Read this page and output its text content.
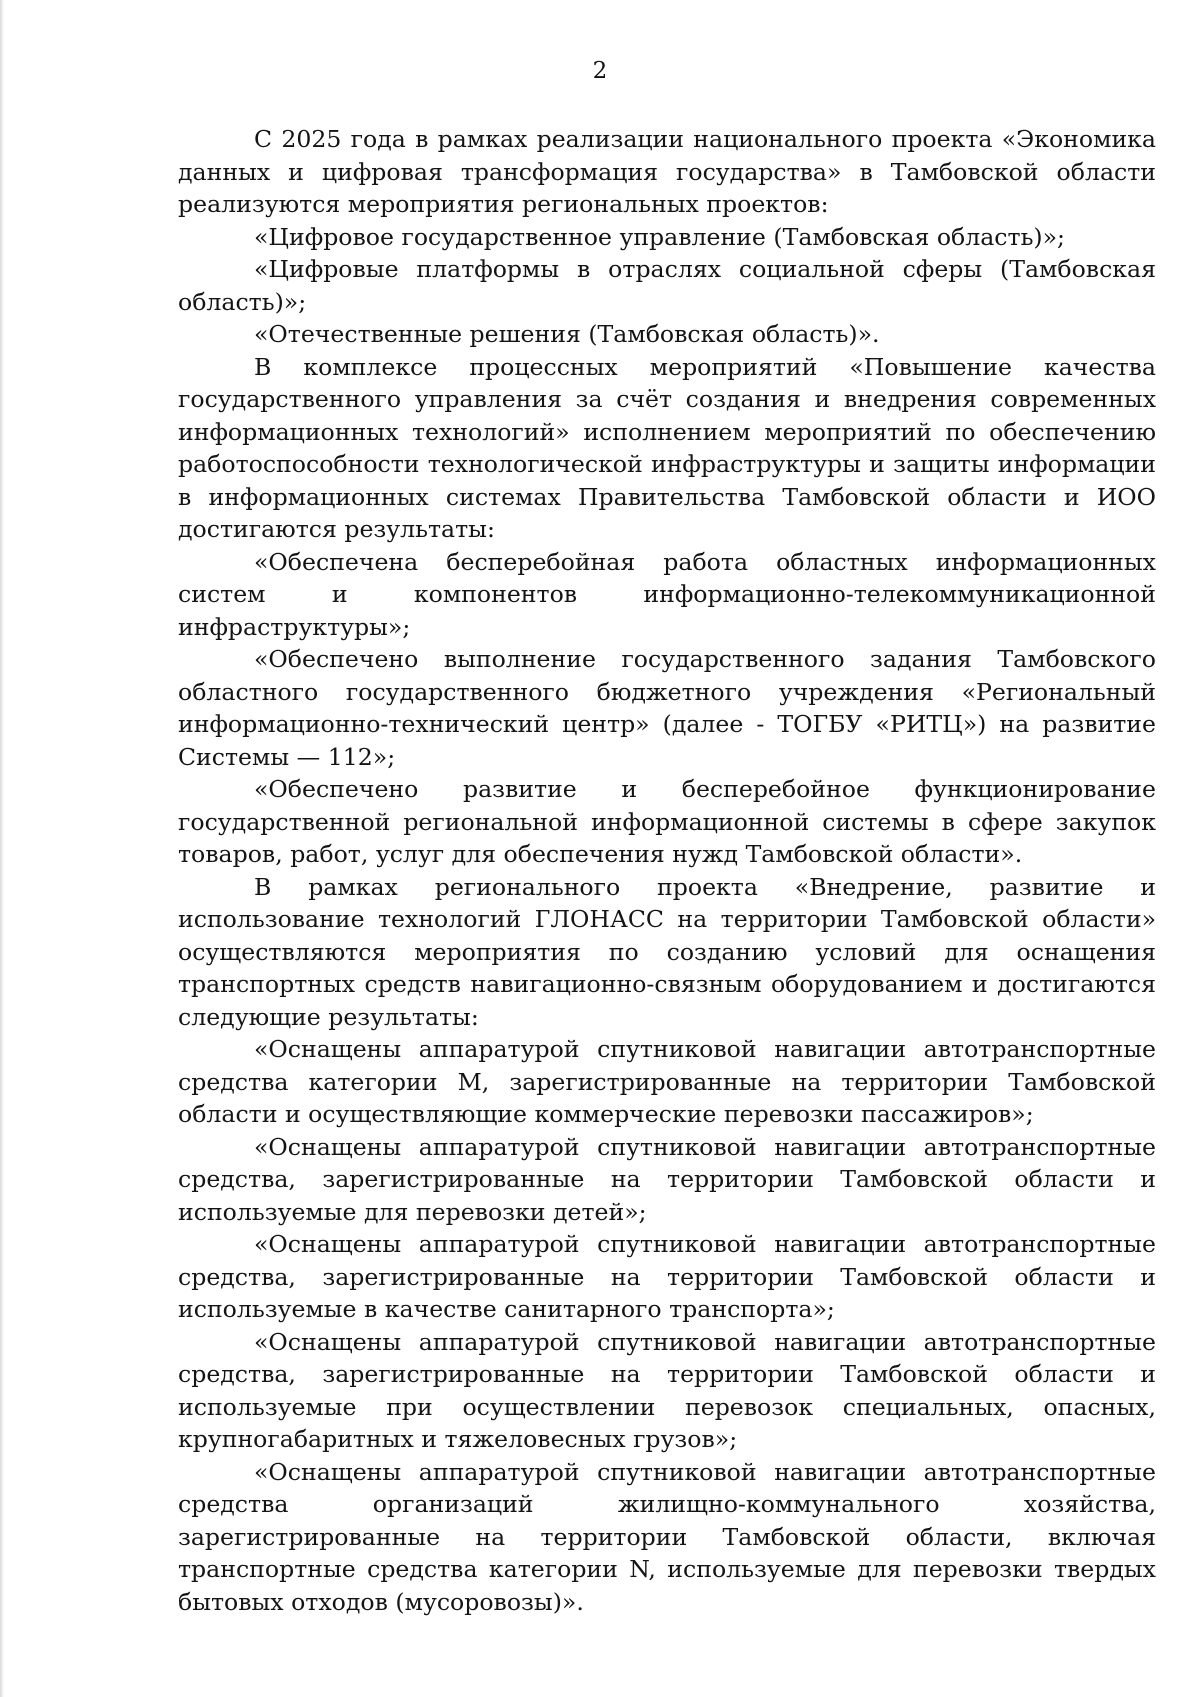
2

С 2025 года в рамках реализации национального проекта «Экономика данных и цифровая трансформация государства» в Тамбовской области реализуются мероприятия региональных проектов:

«Цифровое государственное управление (Тамбовская область)»;

«Цифровые платформы в отраслях социальной сферы (Тамбовская область)»;

«Отечественные решения (Тамбовская область)».

В комплексе процессных мероприятий «Повышение качества государственного управления за счёт создания и внедрения современных информационных технологий» исполнением мероприятий по обеспечению работоспособности технологической инфраструктуры и защиты информации в информационных системах Правительства Тамбовской области и ИОО достигаются результаты:

«Обеспечена бесперебойная работа областных информационных систем и компонентов информационно-телекоммуникационной инфраструктуры»;

«Обеспечено выполнение государственного задания Тамбовского областного государственного бюджетного учреждения «Региональный информационно-технический центр» (далее - ТОГБУ «РИТЦ») на развитие Системы — 112»;

«Обеспечено развитие и бесперебойное функционирование государственной региональной информационной системы в сфере закупок товаров, работ, услуг для обеспечения нужд Тамбовской области».

В рамках регионального проекта «Внедрение, развитие и использование технологий ГЛОНАСС на территории Тамбовской области» осуществляются мероприятия по созданию условий для оснащения транспортных средств навигационно-связным оборудованием и достигаются следующие результаты:

«Оснащены аппаратурой спутниковой навигации автотранспортные средства категории М, зарегистрированные на территории Тамбовской области и осуществляющие коммерческие перевозки пассажиров»;

«Оснащены аппаратурой спутниковой навигации автотранспортные средства, зарегистрированные на территории Тамбовской области и используемые для перевозки детей»;

«Оснащены аппаратурой спутниковой навигации автотранспортные средства, зарегистрированные на территории Тамбовской области и используемые в качестве санитарного транспорта»;

«Оснащены аппаратурой спутниковой навигации автотранспортные средства, зарегистрированные на территории Тамбовской области и используемые при осуществлении перевозок специальных, опасных, крупногабаритных и тяжеловесных грузов»;

«Оснащены аппаратурой спутниковой навигации автотранспортные средства организаций жилищно-коммунального хозяйства, зарегистрированные на территории Тамбовской области, включая транспортные средства категории N, используемые для перевозки твердых бытовых отходов (мусоровозы)».
